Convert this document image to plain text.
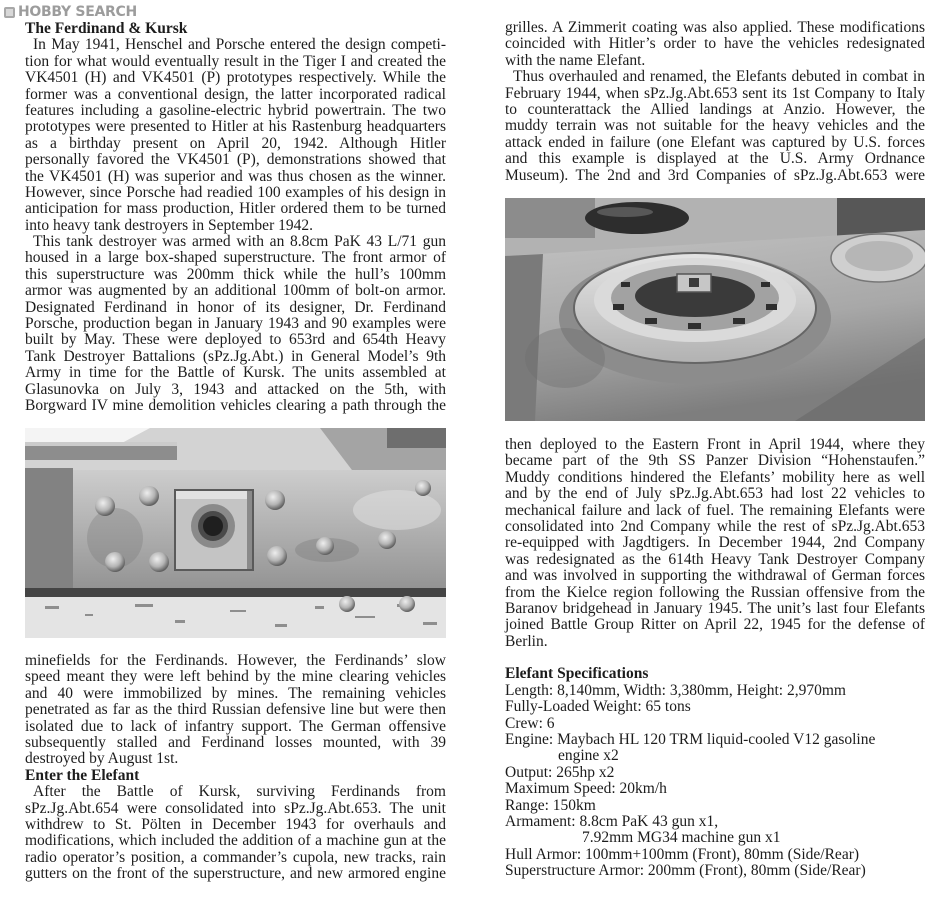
HOBBY SEARCH
The Ferdinand & Kursk
In May 1941, Henschel and Porsche entered the design competi-
tion for what would eventually result in the Tiger I and created the
VK4501 (H) and VK4501 (P) prototypes respectively. While the
former was a conventional design, the latter incorporated radical
features including a gasoline-electric hybrid powertrain. The two
prototypes were presented to Hitler at his Rastenburg headquarters
as a birthday present on April 20, 1942. Although Hitler
personally favored the VK4501 (P), demonstrations showed that
the VK4501 (H) was superior and was thus chosen as the winner.
However, since Porsche had readied 100 examples of his design in
anticipation for mass production, Hitler ordered them to be turned
into heavy tank destroyers in September 1942.
This tank destroyer was armed with an 8.8cm PaK 43 L/71 gun
housed in a large box-shaped superstructure. The front armor of
this superstructure was 200mm thick while the hull’s 100mm
armor was augmented by an additional 100mm of bolt-on armor.
Designated Ferdinand in honor of its designer, Dr. Ferdinand
Porsche, production began in January 1943 and 90 examples were
built by May. These were deployed to 653rd and 654th Heavy
Tank Destroyer Battalions (sPz.Jg.Abt.) in General Model’s 9th
Army in time for the Battle of Kursk. The units assembled at
Glasunovka on July 3, 1943 and attacked on the 5th, with
Borgward IV mine demolition vehicles clearing a path through the
minefields for the Ferdinands. However, the Ferdinands’ slow
speed meant they were left behind by the mine clearing vehicles
and 40 were immobilized by mines. The remaining vehicles
penetrated as far as the third Russian defensive line but were then
isolated due to lack of infantry support. The German offensive
subsequently stalled and Ferdinand losses mounted, with 39
destroyed by August 1st.
Enter the Elefant
After the Battle of Kursk, surviving Ferdinands from
sPz.Jg.Abt.654 were consolidated into sPz.Jg.Abt.653. The unit
withdrew to St. Pölten in December 1943 for overhauls and
modifications, which included the addition of a machine gun at the
radio operator’s position, a commander’s cupola, new tracks, rain
gutters on the front of the superstructure, and new armored engine
grilles. A Zimmerit coating was also applied. These modifications
coincided with Hitler’s order to have the vehicles redesignated
with the name Elefant.
Thus overhauled and renamed, the Elefants debuted in combat in
February 1944, when sPz.Jg.Abt.653 sent its 1st Company to Italy
to counterattack the Allied landings at Anzio. However, the
muddy terrain was not suitable for the heavy vehicles and the
attack ended in failure (one Elefant was captured by U.S. forces
and this example is displayed at the U.S. Army Ordnance
Museum). The 2nd and 3rd Companies of sPz.Jg.Abt.653 were
then deployed to the Eastern Front in April 1944, where they
became part of the 9th SS Panzer Division “Hohenstaufen.”
Muddy conditions hindered the Elefants’ mobility here as well
and by the end of July sPz.Jg.Abt.653 had lost 22 vehicles to
mechanical failure and lack of fuel. The remaining Elefants were
consolidated into 2nd Company while the rest of sPz.Jg.Abt.653
re-equipped with Jagdtigers. In December 1944, 2nd Company
was redesignated as the 614th Heavy Tank Destroyer Company
and was involved in supporting the withdrawal of German forces
from the Kielce region following the Russian offensive from the
Baranov bridgehead in January 1945. The unit’s last four Elefants
joined Battle Group Ritter on April 22, 1945 for the defense of
Berlin.
Elefant Specifications
Length: 8,140mm, Width: 3,380mm, Height: 2,970mm
Fully-Loaded Weight: 65 tons
Crew: 6
Engine: Maybach HL 120 TRM liquid-cooled V12 gasoline
engine x2
Output: 265hp x2
Maximum Speed: 20km/h
Range: 150km
Armament: 8.8cm PaK 43 gun x1,
7.92mm MG34 machine gun x1
Hull Armor: 100mm+100mm (Front), 80mm (Side/Rear)
Superstructure Armor: 200mm (Front), 80mm (Side/Rear)
